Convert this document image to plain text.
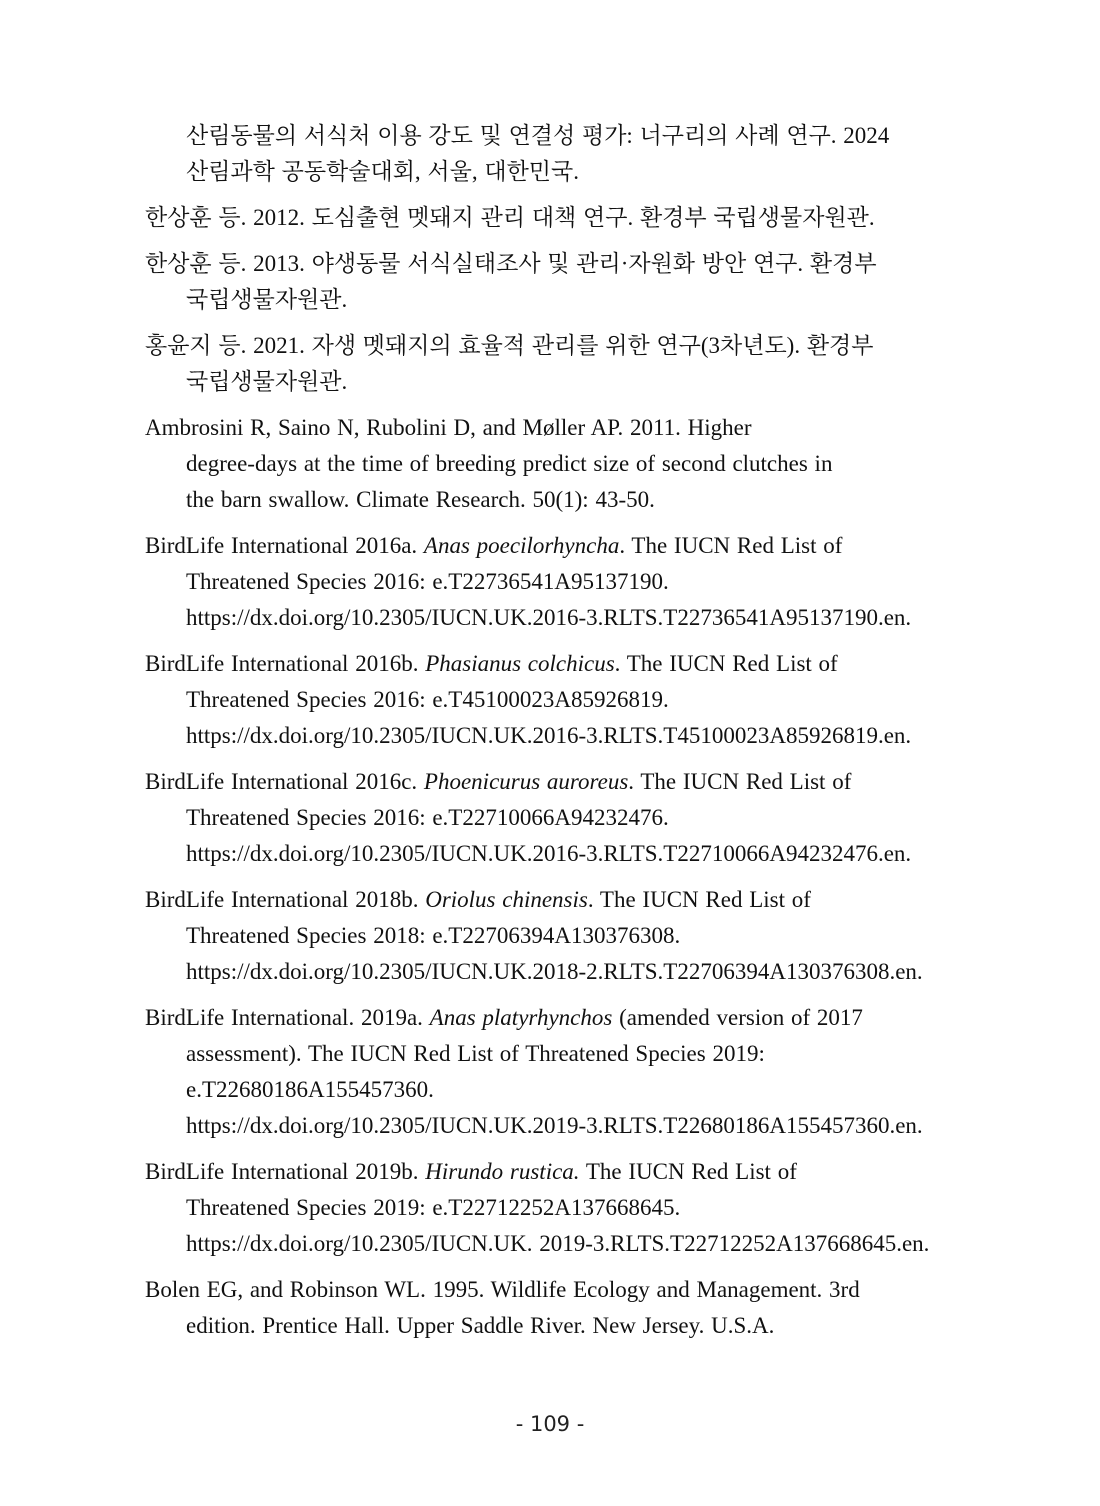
산림동물의 서식처 이용 강도 및 연결성 평가: 너구리의 사례 연구. 2024
산림과학 공동학술대회, 서울, 대한민국.

한상훈 등. 2012. 도심출현 멧돼지 관리 대책 연구. 환경부 국립생물자원관.

한상훈 등. 2013. 야생동물 서식실태조사 및 관리·자원화 방안 연구. 환경부
국립생물자원관.

홍윤지 등. 2021. 자생 멧돼지의 효율적 관리를 위한 연구(3차년도). 환경부
국립생물자원관.

Ambrosini R, Saino N, Rubolini D, and Møller AP. 2011. Higher
degree-days at the time of breeding predict size of second clutches in
the barn swallow. Climate Research. 50(1): 43-50.

BirdLife International 2016a. Anas poecilorhyncha. The IUCN Red List of
Threatened Species 2016: e.T22736541A95137190.
https://dx.doi.org/10.2305/IUCN.UK.2016-3.RLTS.T22736541A95137190.en.

BirdLife International 2016b. Phasianus colchicus. The IUCN Red List of
Threatened Species 2016: e.T45100023A85926819.
https://dx.doi.org/10.2305/IUCN.UK.2016-3.RLTS.T45100023A85926819.en.

BirdLife International 2016c. Phoenicurus auroreus. The IUCN Red List of
Threatened Species 2016: e.T22710066A94232476.
https://dx.doi.org/10.2305/IUCN.UK.2016-3.RLTS.T22710066A94232476.en.

BirdLife International 2018b. Oriolus chinensis. The IUCN Red List of
Threatened Species 2018: e.T22706394A130376308.
https://dx.doi.org/10.2305/IUCN.UK.2018-2.RLTS.T22706394A130376308.en.

BirdLife International. 2019a. Anas platyrhynchos (amended version of 2017
assessment). The IUCN Red List of Threatened Species 2019:
e.T22680186A155457360.
https://dx.doi.org/10.2305/IUCN.UK.2019-3.RLTS.T22680186A155457360.en.

BirdLife International 2019b. Hirundo rustica. The IUCN Red List of
Threatened Species 2019: e.T22712252A137668645.
https://dx.doi.org/10.2305/IUCN.UK. 2019-3.RLTS.T22712252A137668645.en.

Bolen EG, and Robinson WL. 1995. Wildlife Ecology and Management. 3rd
edition. Prentice Hall. Upper Saddle River. New Jersey. U.S.A.

- 109 -
